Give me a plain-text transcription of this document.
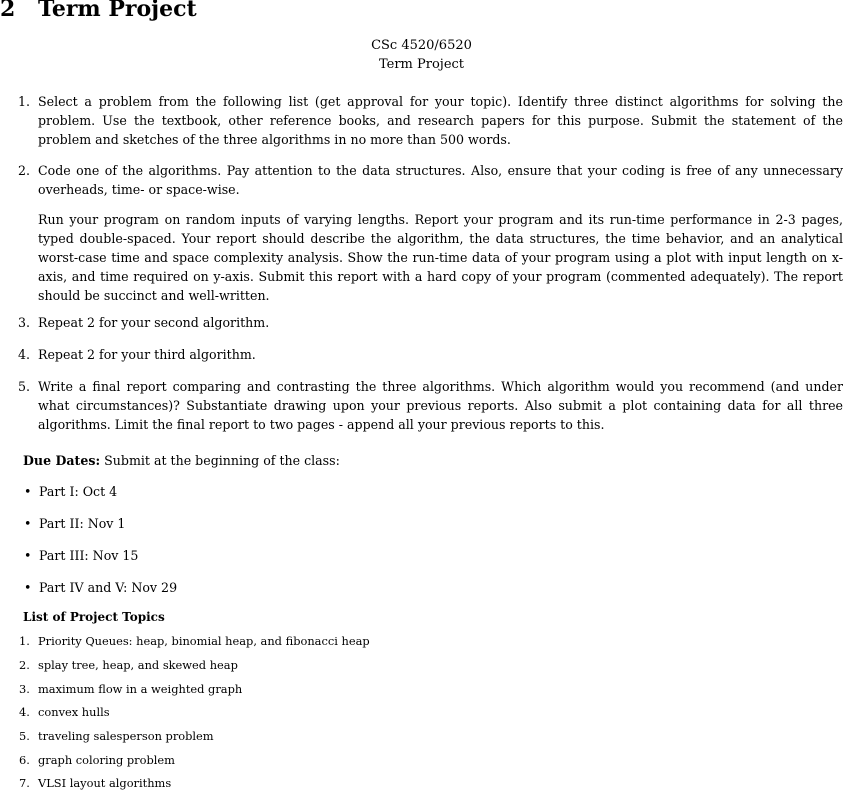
2 Term Project
CSc 4520/6520
Term Project
1. Select a problem from the following list (get approval for your topic). Identify three distinct algorithms for solving the problem. Use the textbook, other reference books, and research papers for this purpose. Submit the statement of the problem and sketches of the three algorithms in no more than 500 words.

2. Code one of the algorithms. Pay attention to the data structures. Also, ensure that your coding is free of any unnecessary overheads, time- or space-wise.

Run your program on random inputs of varying lengths. Report your program and its run-time performance in 2-3 pages, typed double-spaced. Your report should describe the algorithm, the data structures, the time behavior, and an analytical worst-case time and space complexity analysis. Show the run-time data of your program using a plot with input length on x-axis, and time required on y-axis. Submit this report with a hard copy of your program (commented adequately). The report should be succinct and well-written.

3. Repeat 2 for your second algorithm.

4. Repeat 2 for your third algorithm.

5. Write a final report comparing and contrasting the three algorithms. Which algorithm would you recommend (and under what circumstances)? Substantiate drawing upon your previous reports. Also submit a plot containing data for all three algorithms. Limit the final report to two pages - append all your previous reports to this.

Due Dates: Submit at the beginning of the class:
• Part I: Oct 4
• Part II: Nov 1
• Part III: Nov 15
• Part IV and V: Nov 29
List of Project Topics
1. Priority Queues: heap, binomial heap, and fibonacci heap
2. splay tree, heap, and skewed heap
3. maximum flow in a weighted graph
4. convex hulls
5. traveling salesperson problem
6. graph coloring problem
7. VLSI layout algorithms
